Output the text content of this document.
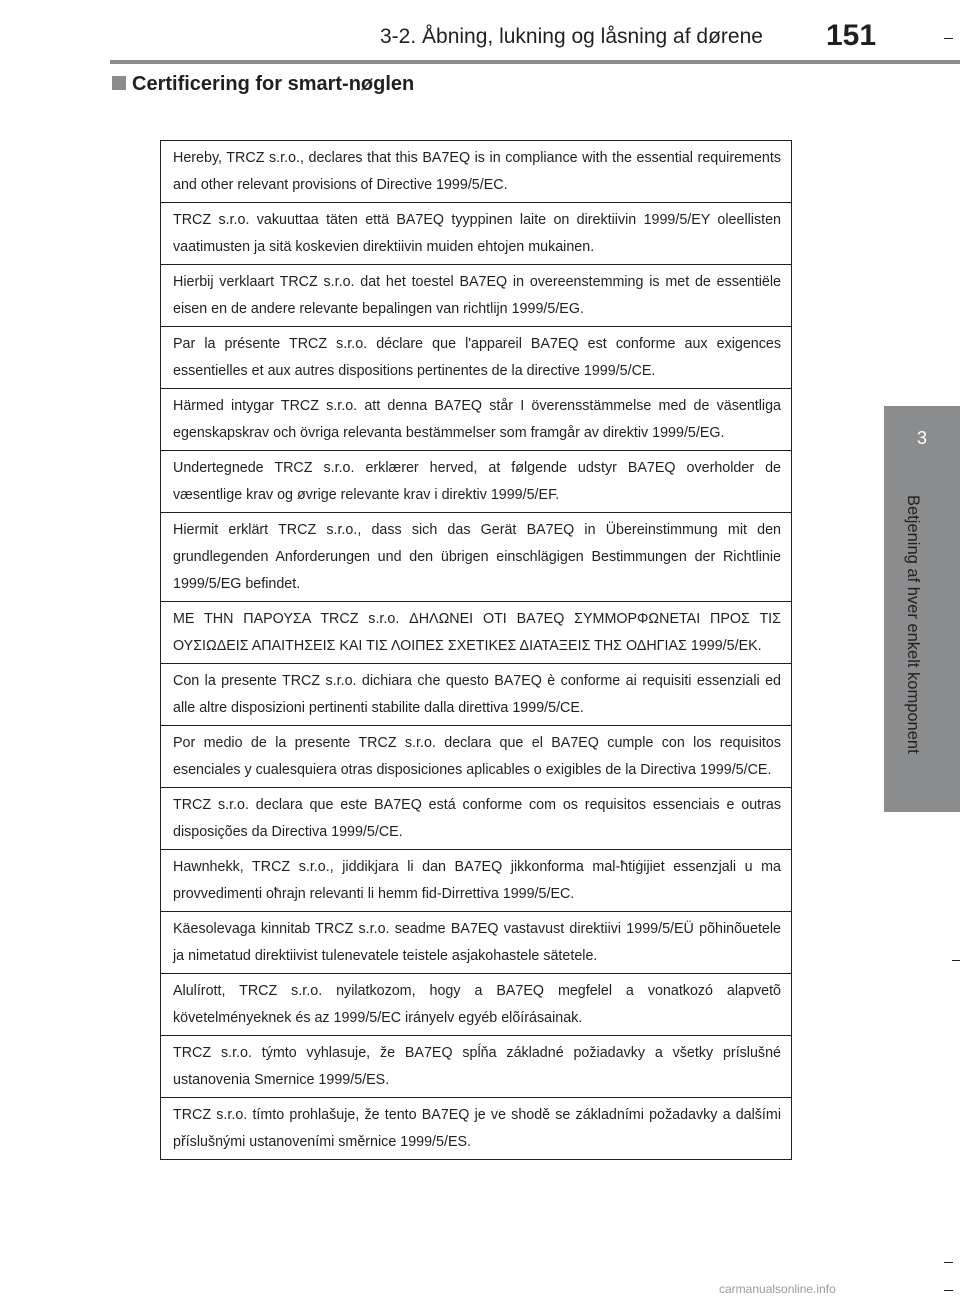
3-2. Åbning, lukning og låsning af dørene 151
Certificering for smart-nøglen
3
Betjening af hver enkelt komponent
Hereby, TRCZ s.r.o., declares that this BA7EQ is in compliance with the essential requirements and other relevant provisions of Directive 1999/5/EC.
TRCZ s.r.o. vakuuttaa täten että BA7EQ tyyppinen laite on direktiivin 1999/5/EY oleellisten vaatimusten ja sitä koskevien direktiivin muiden ehtojen mukainen.
Hierbij verklaart TRCZ s.r.o. dat het toestel BA7EQ in overeenstemming is met de essentiële eisen en de andere relevante bepalingen van richtlijn 1999/5/EG.
Par la présente TRCZ s.r.o. déclare que l'appareil BA7EQ est conforme aux exigences essentielles et aux autres dispositions pertinentes de la directive 1999/5/CE.
Härmed intygar TRCZ s.r.o. att denna BA7EQ står I överensstämmelse med de väsentliga egenskapskrav och övriga relevanta bestämmelser som framgår av direktiv 1999/5/EG.
Undertegnede TRCZ s.r.o. erklærer herved, at følgende udstyr BA7EQ overholder de væsentlige krav og øvrige relevante krav i direktiv 1999/5/EF.
Hiermit erklärt TRCZ s.r.o., dass sich das Gerät BA7EQ in Übereinstimmung mit den grundlegenden Anforderungen und den übrigen einschlägigen Bestimmungen der Richtlinie 1999/5/EG befindet.
ΜΕ ΤΗΝ ΠΑΡΟΥΣΑ TRCZ s.r.o. ΔΗΛΩΝΕΙ ΟΤΙ BA7EQ ΣΥΜΜΟΡΦΩΝΕΤΑΙ ΠΡΟΣ ΤΙΣ ΟΥΣΙΩΔΕΙΣ ΑΠΑΙΤΗΣΕΙΣ ΚΑΙ ΤΙΣ ΛΟΙΠΕΣ ΣΧΕΤΙΚΕΣ ΔΙΑΤΑΞΕΙΣ ΤΗΣ ΟΔΗΓΙΑΣ 1999/5/ΕΚ.
Con la presente TRCZ s.r.o. dichiara che questo BA7EQ è conforme ai requisiti essenziali ed alle altre disposizioni pertinenti stabilite dalla direttiva 1999/5/CE.
Por medio de la presente TRCZ s.r.o. declara que el BA7EQ cumple con los requisitos esenciales y cualesquiera otras disposiciones aplicables o exigibles de la Directiva 1999/5/CE.
TRCZ s.r.o. declara que este BA7EQ está conforme com os requisitos essenciais e outras disposições da Directiva 1999/5/CE.
Hawnhekk, TRCZ s.r.o., jiddikjara li dan BA7EQ jikkonforma mal-ħtiġijiet essenzjali u ma provvedimenti oħrajn relevanti li hemm fid-Dirrettiva 1999/5/EC.
Käesolevaga kinnitab TRCZ s.r.o. seadme BA7EQ vastavust direktiivi 1999/5/EÜ põhinõuetele ja nimetatud direktiivist tulenevatele teistele asjakohastele sätetele.
Alulírott, TRCZ s.r.o. nyilatkozom, hogy a BA7EQ megfelel a vonatkozó alapvetõ követelményeknek és az 1999/5/EC irányelv egyéb elõírásainak.
TRCZ s.r.o. týmto vyhlasuje, že BA7EQ spĺňa základné požiadavky a všetky príslušné ustanovenia Smernice 1999/5/ES.
TRCZ s.r.o. tímto prohlašuje, že tento BA7EQ je ve shodě se základními požadavky a dalšími příslušnými ustanoveními směrnice 1999/5/ES.
carmanualsonline.info
